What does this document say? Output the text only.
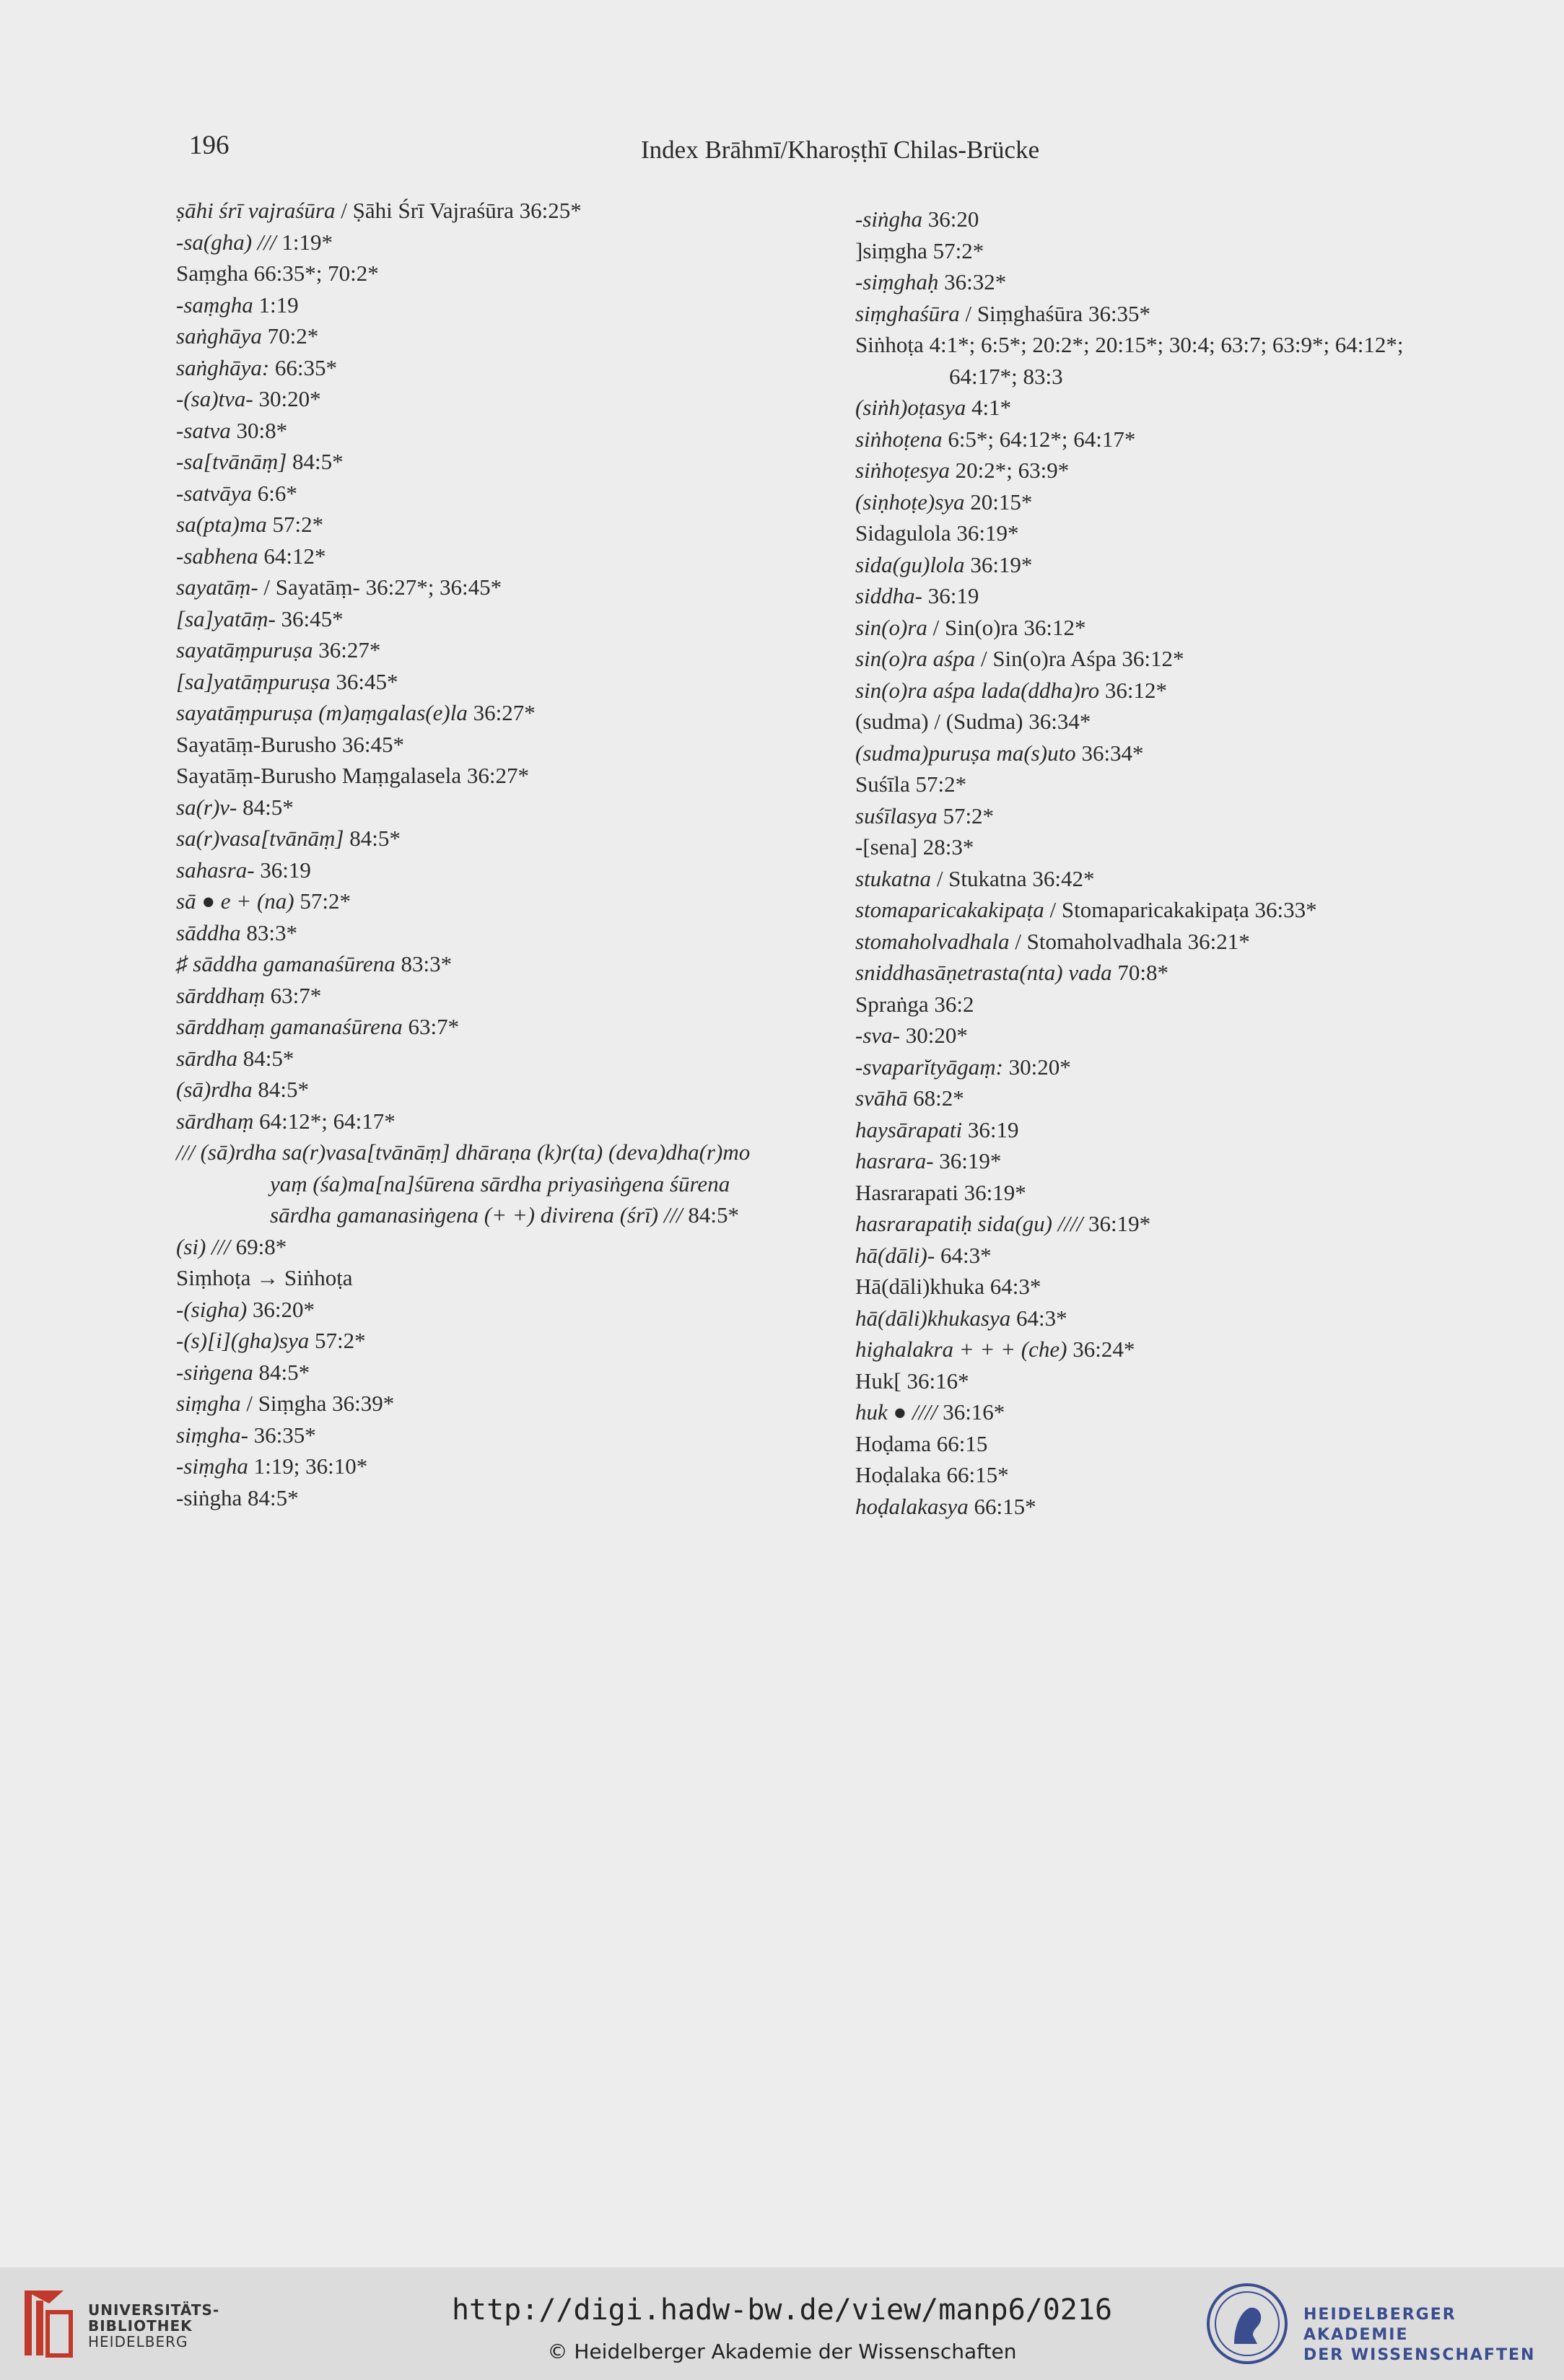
196	Index Brāhmī/Kharoṣṭhī Chilas-Brücke
ṣāhi śrī vajraśūra / Ṣāhi Śrī Vajraśūra 36:25*
-sa(gha) /// 1:19*
Saṃgha 66:35*; 70:2*
-saṃgha 1:19
saṅghāya 70:2*
saṅghāya: 66:35*
-(sa)tva- 30:20*
-satva 30:8*
-sa[tvānāṃ] 84:5*
-satvāya 6:6*
sa(pta)ma 57:2*
-sabhena 64:12*
sayatāṃ- / Sayatāṃ- 36:27*; 36:45*
[sa]yatāṃ- 36:45*
sayatāṃpuruṣa 36:27*
[sa]yatāṃpuruṣa 36:45*
sayatāṃpuruṣa (m)aṃgalas(e)la 36:27*
Sayatāṃ-Burusho 36:45*
Sayatāṃ-Burusho Maṃgalasela 36:27*
sa(r)v- 84:5*
sa(r)vasa[tvānāṃ] 84:5*
sahasra- 36:19
sā ● e + (na) 57:2*
sāddha 83:3*
♯ sāddha gamanaśūrena 83:3*
sārddhaṃ 63:7*
sārddhaṃ gamanaśūrena 63:7*
sārdha 84:5*
(sā)rdha 84:5*
sārdhaṃ 64:12*; 64:17*
/// (sā)rdha sa(r)vasa[tvānāṃ] dhāraṇa (k)r(ta) (deva)dha(r)mo
yaṃ (śa)ma[na]śūrena sārdha priyasiṅgena śūrena
sārdha gamanasiṅgena (+ +) divirena (śrī) /// 84:5*
(si) /// 69:8*
Siṃhoṭa → Siṅhoṭa
-(sigha) 36:20*
-(s)[i](gha)sya 57:2*
-siṅgena 84:5*
siṃgha / Siṃgha 36:39*
siṃgha- 36:35*
-siṃgha 1:19; 36:10*
-siṅgha 84:5*
-siṅgha 36:20
]siṃgha 57:2*
-siṃghaḥ 36:32*
siṃghaśūra / Siṃghaśūra 36:35*
Siṅhoṭa 4:1*; 6:5*; 20:2*; 20:15*; 30:4; 63:7; 63:9*; 64:12*;
64:17*; 83:3
(siṅh)oṭasya 4:1*
siṅhoṭena 6:5*; 64:12*; 64:17*
siṅhoṭesya 20:2*; 63:9*
(siṇhoṭe)sya 20:15*
Sidagulola 36:19*
sida(gu)lola 36:19*
siddha- 36:19
sin(o)ra / Sin(o)ra 36:12*
sin(o)ra aśpa / Sin(o)ra Aśpa 36:12*
sin(o)ra aśpa lada(ddha)ro 36:12*
(sudma) / (Sudma) 36:34*
(sudma)puruṣa ma(s)uto 36:34*
Suśīla 57:2*
suśīlasya 57:2*
-[sena] 28:3*
stukatna / Stukatna 36:42*
stomaparicakakipaṭa / Stomaparicakakipaṭa 36:33*
stomaholvadhala / Stomaholvadhala 36:21*
sniddhasāṇetrasta(nta) vada 70:8*
Spraṅga 36:2
-sva- 30:20*
-svaparĭtyāgaṃ: 30:20*
svāhā 68:2*
haysārapati 36:19
hasrara- 36:19*
Hasrarapati 36:19*
hasrarapatiḥ sida(gu) //// 36:19*
hā(dāli)- 64:3*
Hā(dāli)khuka 64:3*
hā(dāli)khukasya 64:3*
highalakra + + + (che) 36:24*
Huk[ 36:16*
huk ● //// 36:16*
Hoḍama 66:15
Hoḍalaka 66:15*
hoḍalakasya 66:15*
UNIVERSITÄTS-
BIBLIOTHEK
HEIDELBERG
http://digi.hadw-bw.de/view/manp6/0216
© Heidelberger Akademie der Wissenschaften
HEIDELBERGER AKADEMIE
DER WISSENSCHAFTEN
